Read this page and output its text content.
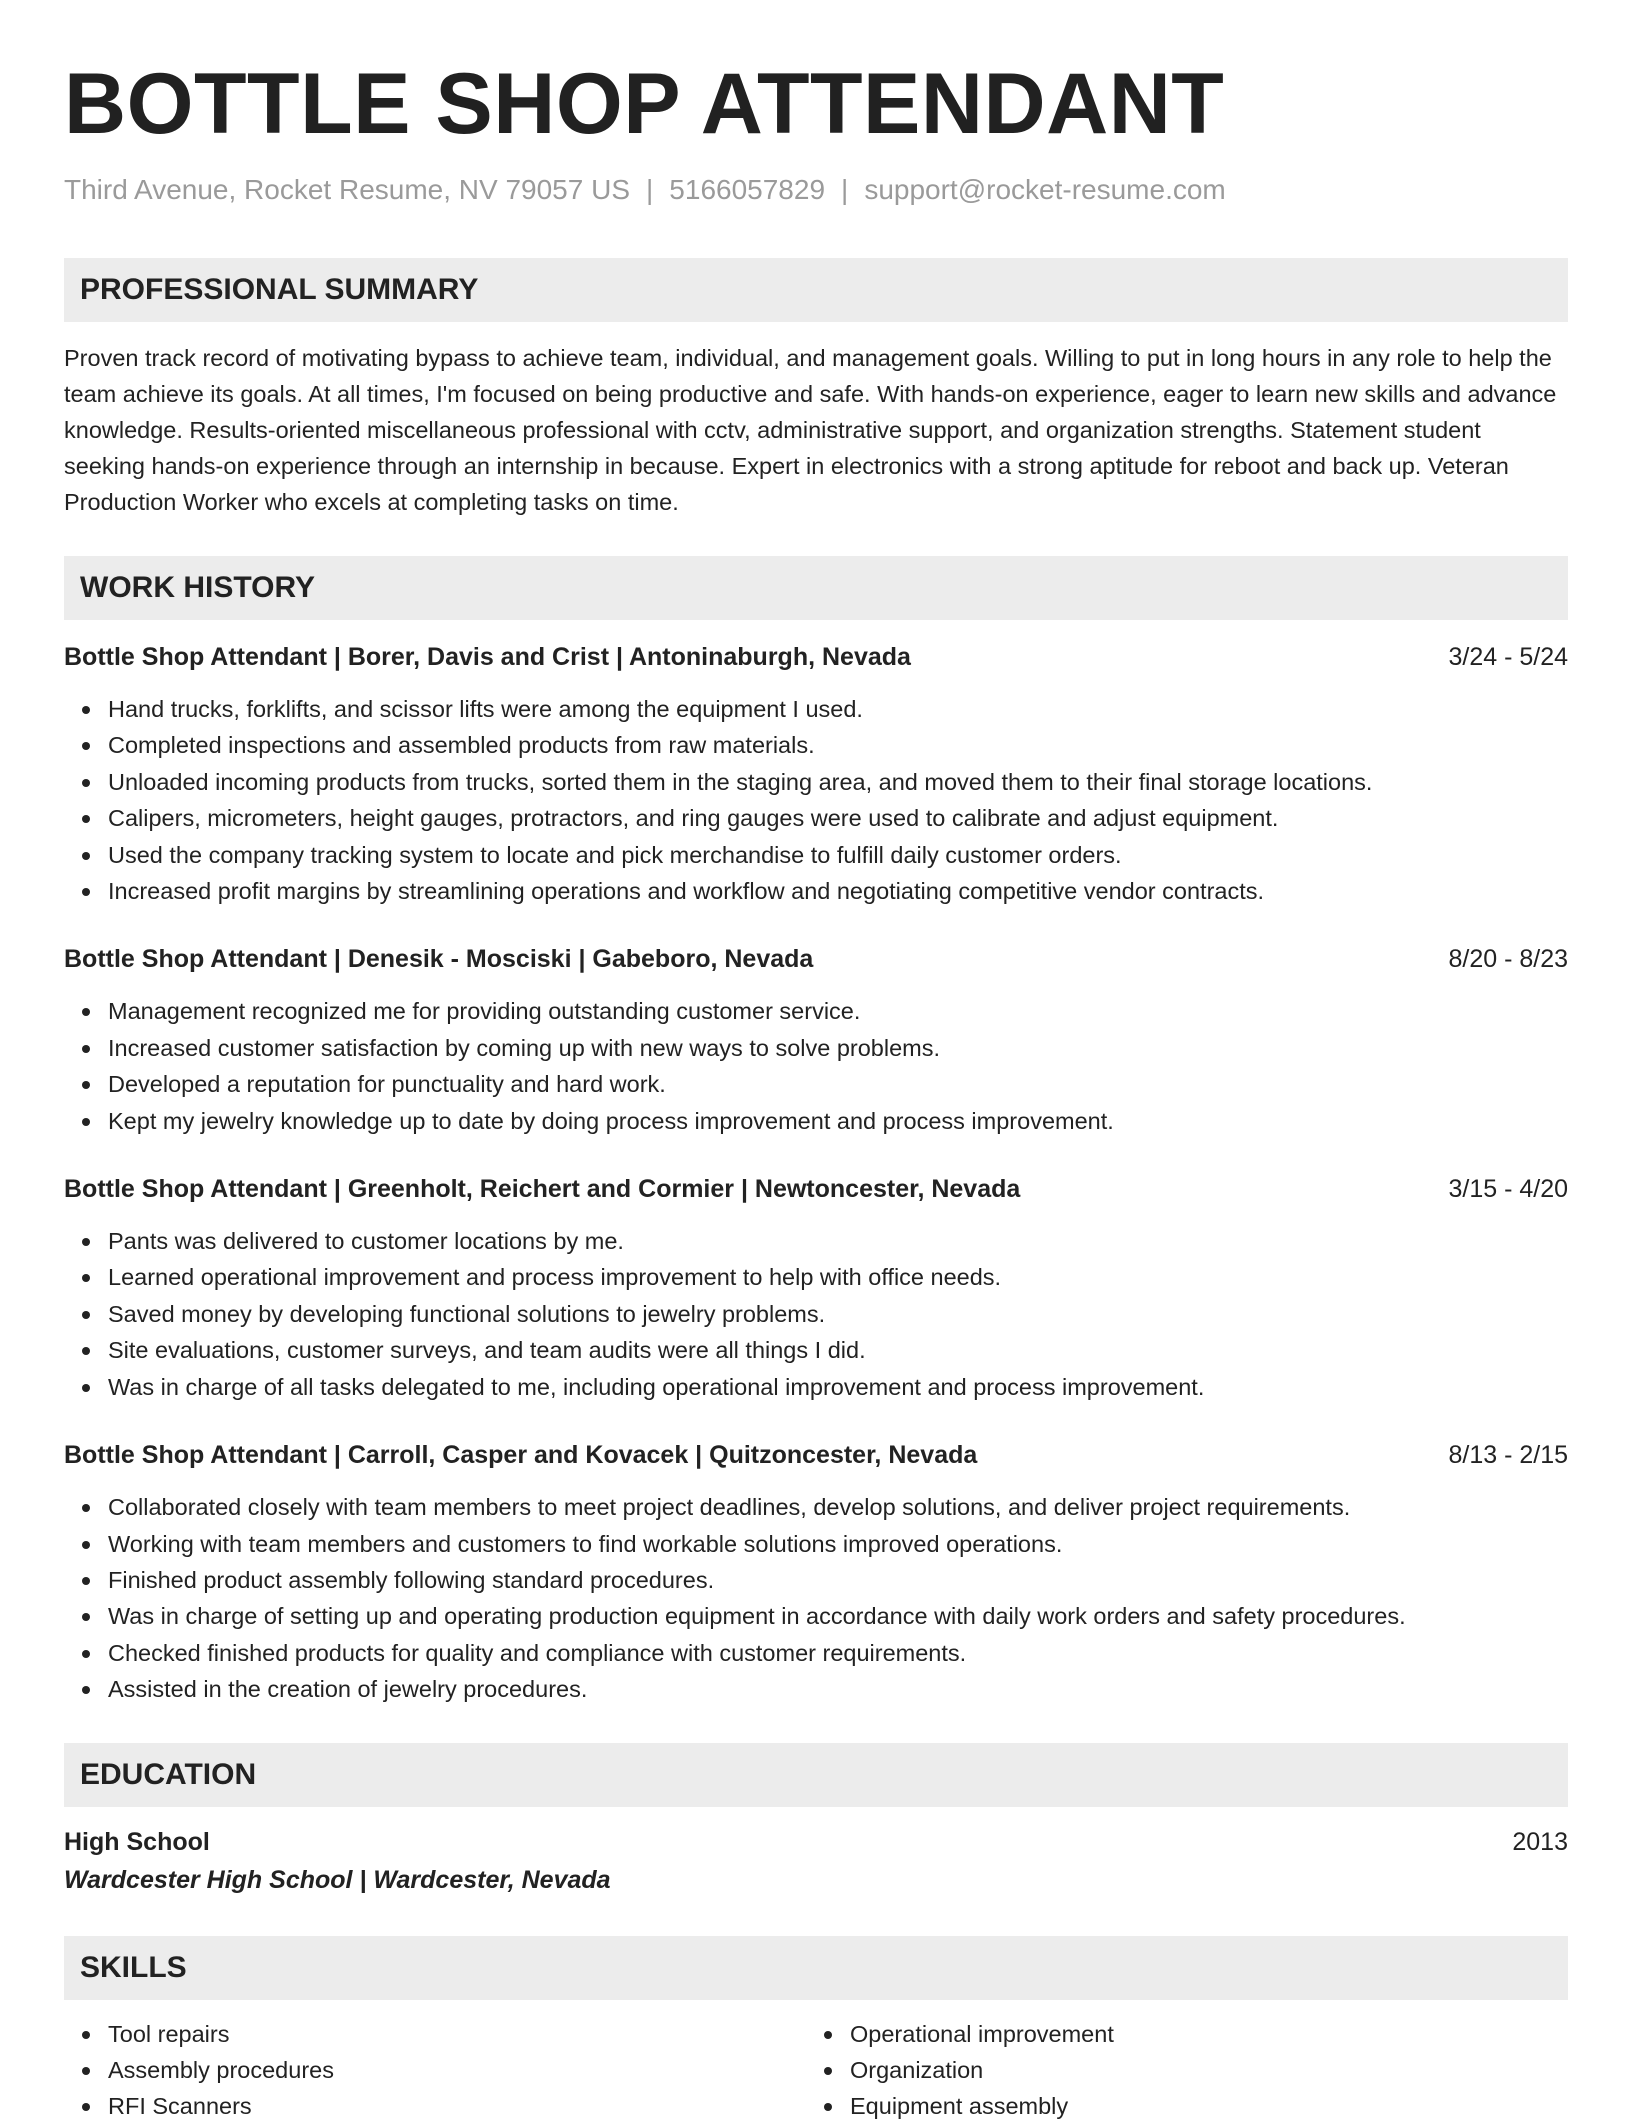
BOTTLE SHOP ATTENDANT
Third Avenue, Rocket Resume, NV 79057 US | 5166057829 | support@rocket-resume.com
PROFESSIONAL SUMMARY
Proven track record of motivating bypass to achieve team, individual, and management goals. Willing to put in long hours in any role to help the team achieve its goals. At all times, I'm focused on being productive and safe. With hands-on experience, eager to learn new skills and advance knowledge. Results-oriented miscellaneous professional with cctv, administrative support, and organization strengths. Statement student seeking hands-on experience through an internship in because. Expert in electronics with a strong aptitude for reboot and back up. Veteran Production Worker who excels at completing tasks on time.
WORK HISTORY
Bottle Shop Attendant | Borer, Davis and Crist | Antoninaburgh, Nevada	3/24 - 5/24
Hand trucks, forklifts, and scissor lifts were among the equipment I used.
Completed inspections and assembled products from raw materials.
Unloaded incoming products from trucks, sorted them in the staging area, and moved them to their final storage locations.
Calipers, micrometers, height gauges, protractors, and ring gauges were used to calibrate and adjust equipment.
Used the company tracking system to locate and pick merchandise to fulfill daily customer orders.
Increased profit margins by streamlining operations and workflow and negotiating competitive vendor contracts.
Bottle Shop Attendant | Denesik - Mosciski | Gabeboro, Nevada	8/20 - 8/23
Management recognized me for providing outstanding customer service.
Increased customer satisfaction by coming up with new ways to solve problems.
Developed a reputation for punctuality and hard work.
Kept my jewelry knowledge up to date by doing process improvement and process improvement.
Bottle Shop Attendant | Greenholt, Reichert and Cormier | Newtoncester, Nevada	3/15 - 4/20
Pants was delivered to customer locations by me.
Learned operational improvement and process improvement to help with office needs.
Saved money by developing functional solutions to jewelry problems.
Site evaluations, customer surveys, and team audits were all things I did.
Was in charge of all tasks delegated to me, including operational improvement and process improvement.
Bottle Shop Attendant | Carroll, Casper and Kovacek | Quitzoncester, Nevada	8/13 - 2/15
Collaborated closely with team members to meet project deadlines, develop solutions, and deliver project requirements.
Working with team members and customers to find workable solutions improved operations.
Finished product assembly following standard procedures.
Was in charge of setting up and operating production equipment in accordance with daily work orders and safety procedures.
Checked finished products for quality and compliance with customer requirements.
Assisted in the creation of jewelry procedures.
EDUCATION
High School	2013
Wardcester High School | Wardcester, Nevada
SKILLS
Tool repairs
Assembly procedures
RFI Scanners
Operational improvement
Organization
Equipment assembly
